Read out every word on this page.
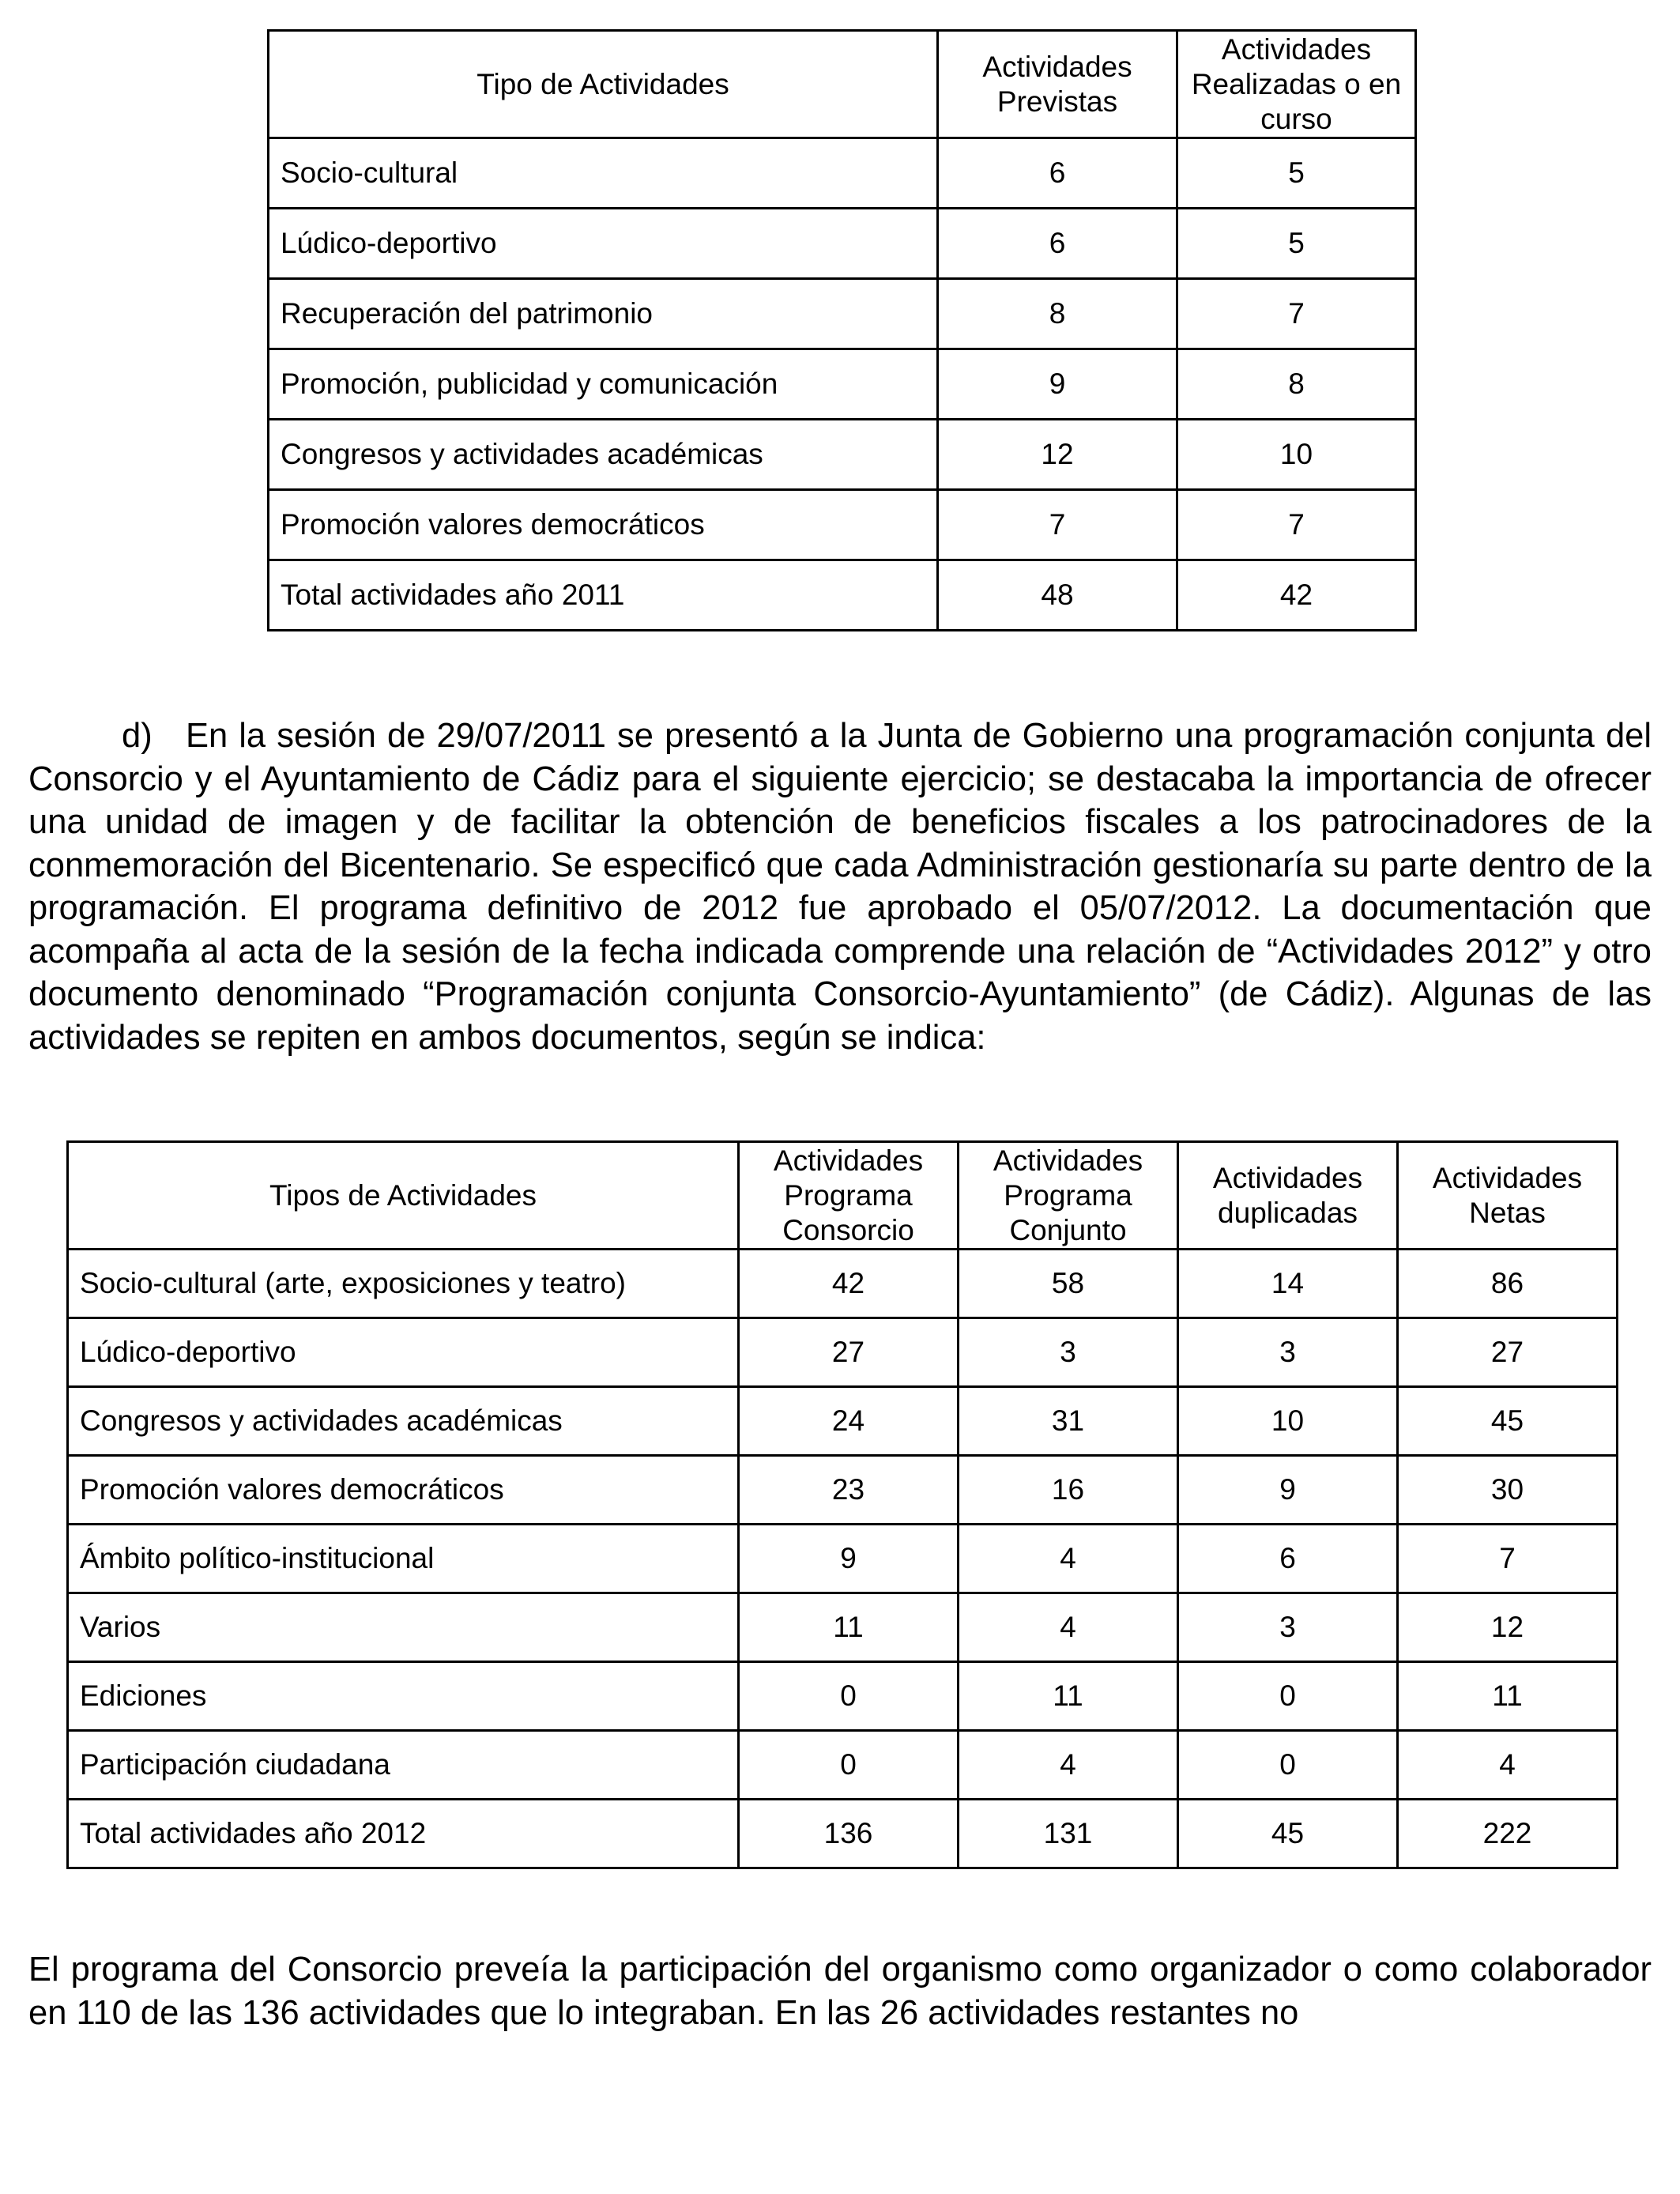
Tipo de Actividades	Actividades Previstas	Actividades Realizadas o en curso
Socio-cultural	6	5
Lúdico-deportivo	6	5
Recuperación del patrimonio	8	7
Promoción, publicidad y comunicación	9	8
Congresos y actividades académicas	12	10
Promoción valores democráticos	7	7
Total actividades año 2011	48	42

d) En la sesión de 29/07/2011 se presentó a la Junta de Gobierno una programación conjunta del Consorcio y el Ayuntamiento de Cádiz para el siguiente ejercicio; se destacaba la importancia de ofrecer una unidad de imagen y de facilitar la obtención de beneficios fiscales a los patrocinadores de la conmemoración del Bicentenario. Se especificó que cada Administración gestionaría su parte dentro de la programación. El programa definitivo de 2012 fue aprobado el 05/07/2012. La documentación que acompaña al acta de la sesión de la fecha indicada comprende una relación de “Actividades 2012” y otro documento denominado “Programación conjunta Consorcio-Ayuntamiento” (de Cádiz). Algunas de las actividades se repiten en ambos documentos, según se indica:

Tipos de Actividades	Actividades Programa Consorcio	Actividades Programa Conjunto	Actividades duplicadas	Actividades Netas
Socio-cultural (arte, exposiciones y teatro)	42	58	14	86
Lúdico-deportivo	27	3	3	27
Congresos y actividades académicas	24	31	10	45
Promoción valores democráticos	23	16	9	30
Ámbito político-institucional	9	4	6	7
Varios	11	4	3	12
Ediciones	0	11	0	11
Participación ciudadana	0	4	0	4
Total actividades año 2012	136	131	45	222

El programa del Consorcio preveía la participación del organismo como organizador o como colaborador en 110 de las 136 actividades que lo integraban. En las 26 actividades restantes no
